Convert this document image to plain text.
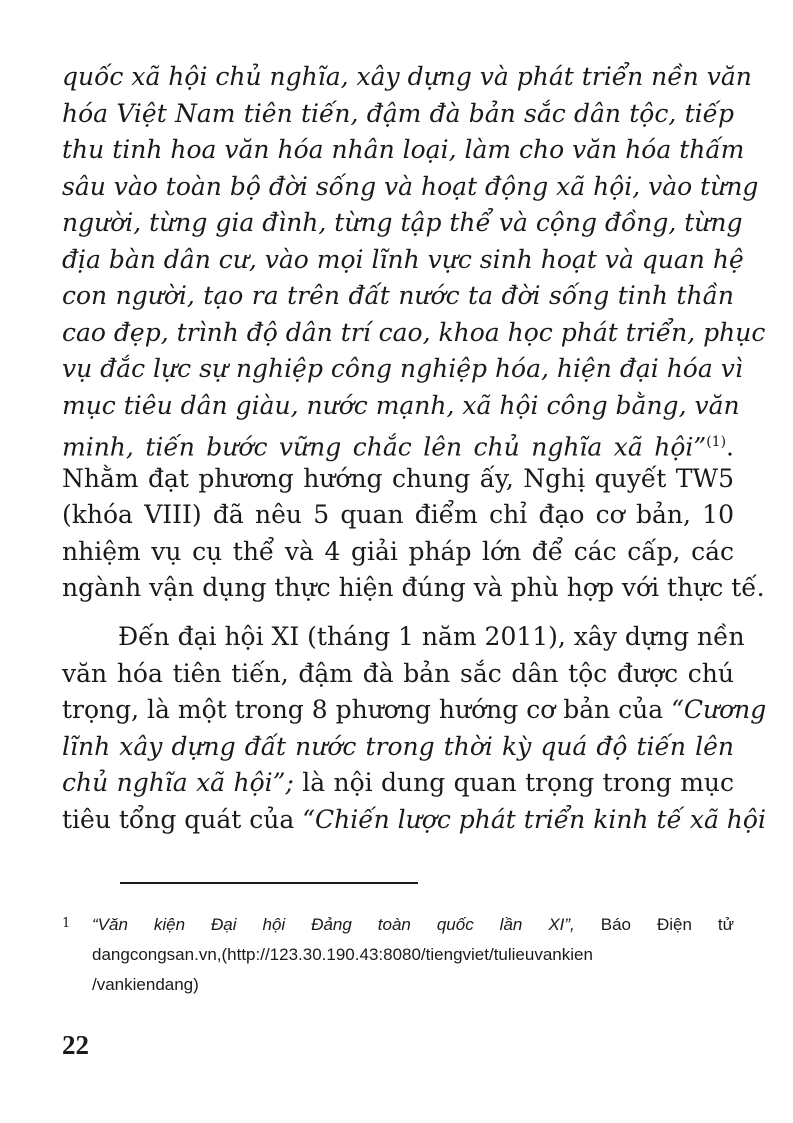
quốc xã hội chủ nghĩa, xây dựng và phát triển nền văn
hóa Việt Nam tiên tiến, đậm đà bản sắc dân tộc, tiếp
thu tinh hoa văn hóa nhân loại, làm cho văn hóa thấm
sâu vào toàn bộ đời sống và hoạt động xã hội, vào từng
người, từng gia đình, từng tập thể và cộng đồng, từng
địa bàn dân cư, vào mọi lĩnh vực sinh hoạt và quan hệ
con người, tạo ra trên đất nước ta đời sống tinh thần
cao đẹp, trình độ dân trí cao, khoa học phát triển, phục
vụ đắc lực sự nghiệp công nghiệp hóa, hiện đại hóa vì
mục tiêu dân giàu, nước mạnh, xã hội công bằng, văn
minh, tiến bước vững chắc lên chủ nghĩa xã hội”$^{(1)}$.
Nhằm đạt phương hướng chung ấy, Nghị quyết TW5
(khóa VIII) đã nêu 5 quan điểm chỉ đạo cơ bản, 10
nhiệm vụ cụ thể và 4 giải pháp lớn để các cấp, các
ngành vận dụng thực hiện đúng và phù hợp với thực tế.
Đến đại hội XI (tháng 1 năm 2011), xây dựng nền
văn hóa tiên tiến, đậm đà bản sắc dân tộc được chú
trọng, là một trong 8 phương hướng cơ bản của “Cương
lĩnh xây dựng đất nước trong thời kỳ quá độ tiến lên
chủ nghĩa xã hội”; là nội dung quan trọng trong mục
tiêu tổng quát của “Chiến lược phát triển kinh tế xã hội
1 “Văn kiện Đại hội Đảng toàn quốc lần XI”, Báo Điện tử
dangcongsan.vn,(http://123.30.190.43:8080/tiengviet/tulieuvankien
/vankiendang)
22
